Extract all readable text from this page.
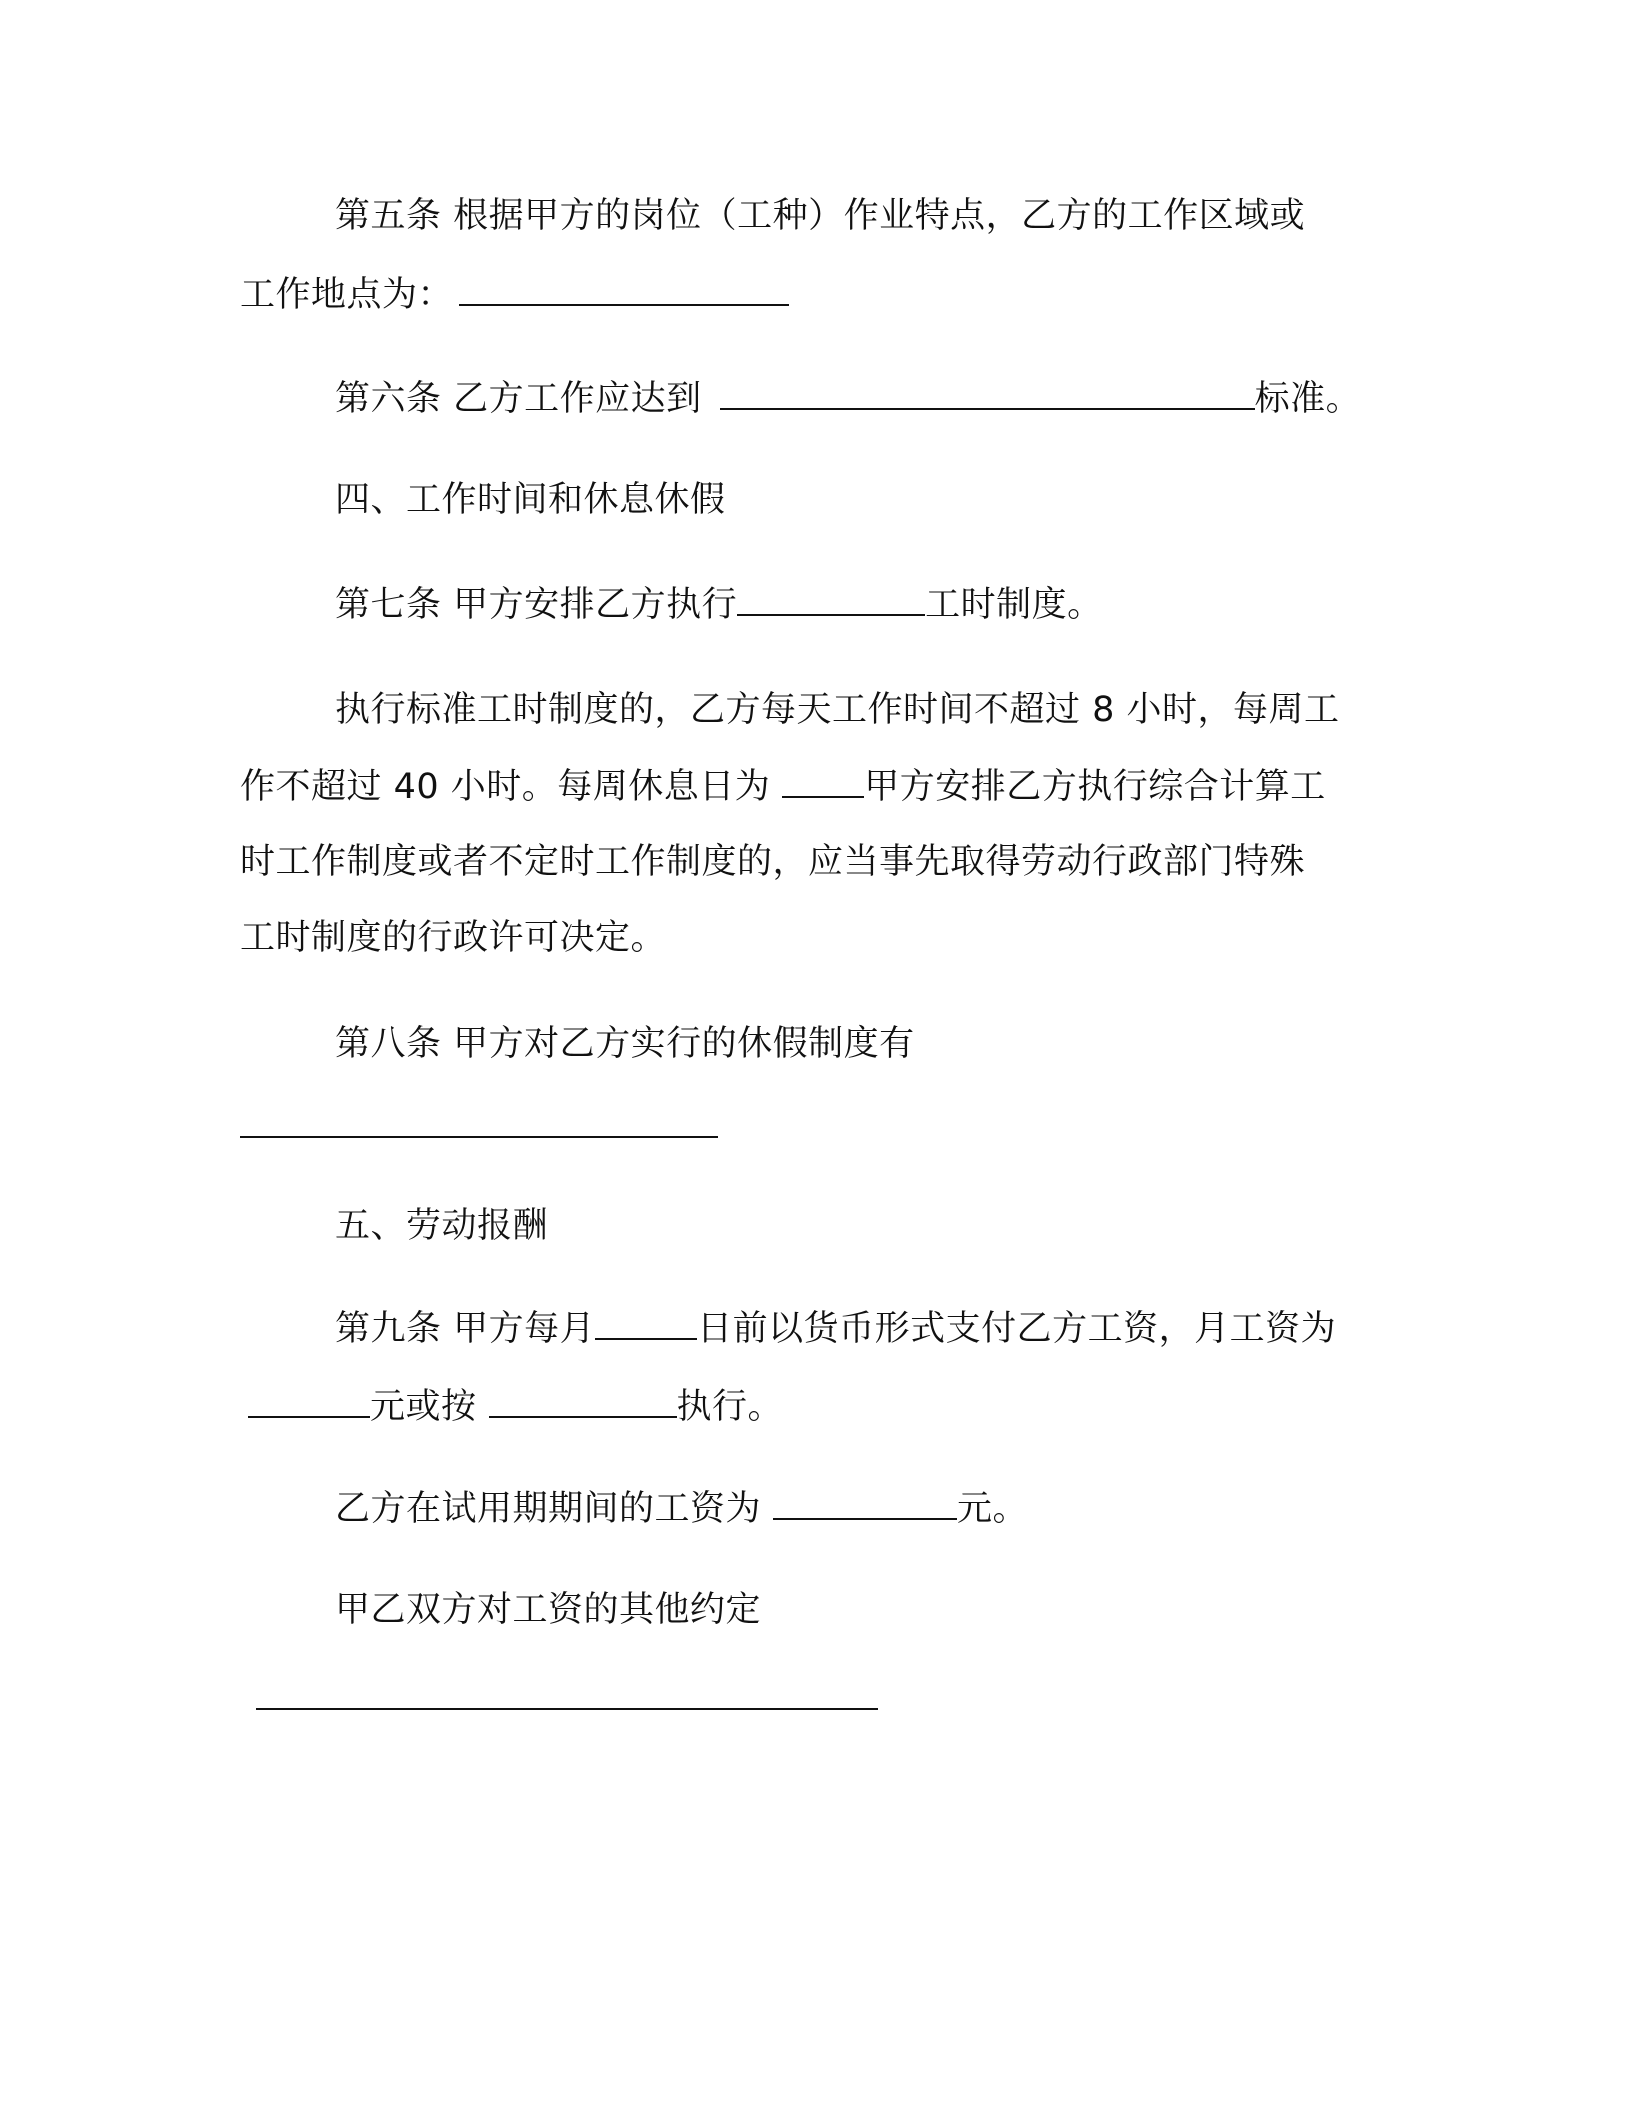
第五条 根据甲方的岗位（工种）作业特点，乙方的工作区域或
工作地点为：
第六条 乙方工作应达到	标准。
四、工作时间和休息休假
第七条 甲方安排乙方执行	工时制度。
执行标准工时制度的，乙方每天工作时间不超过 8 小时，每周工
作不超过 40 小时。每周休息日为	甲方安排乙方执行综合计算工
时工作制度或者不定时工作制度的，应当事先取得劳动行政部门特殊
工时制度的行政许可决定。
第八条 甲方对乙方实行的休假制度有
五、劳动报酬
第九条 甲方每月	日前以货币形式支付乙方工资，月工资为
元或按	执行。
乙方在试用期期间的工资为	元。
甲乙双方对工资的其他约定
